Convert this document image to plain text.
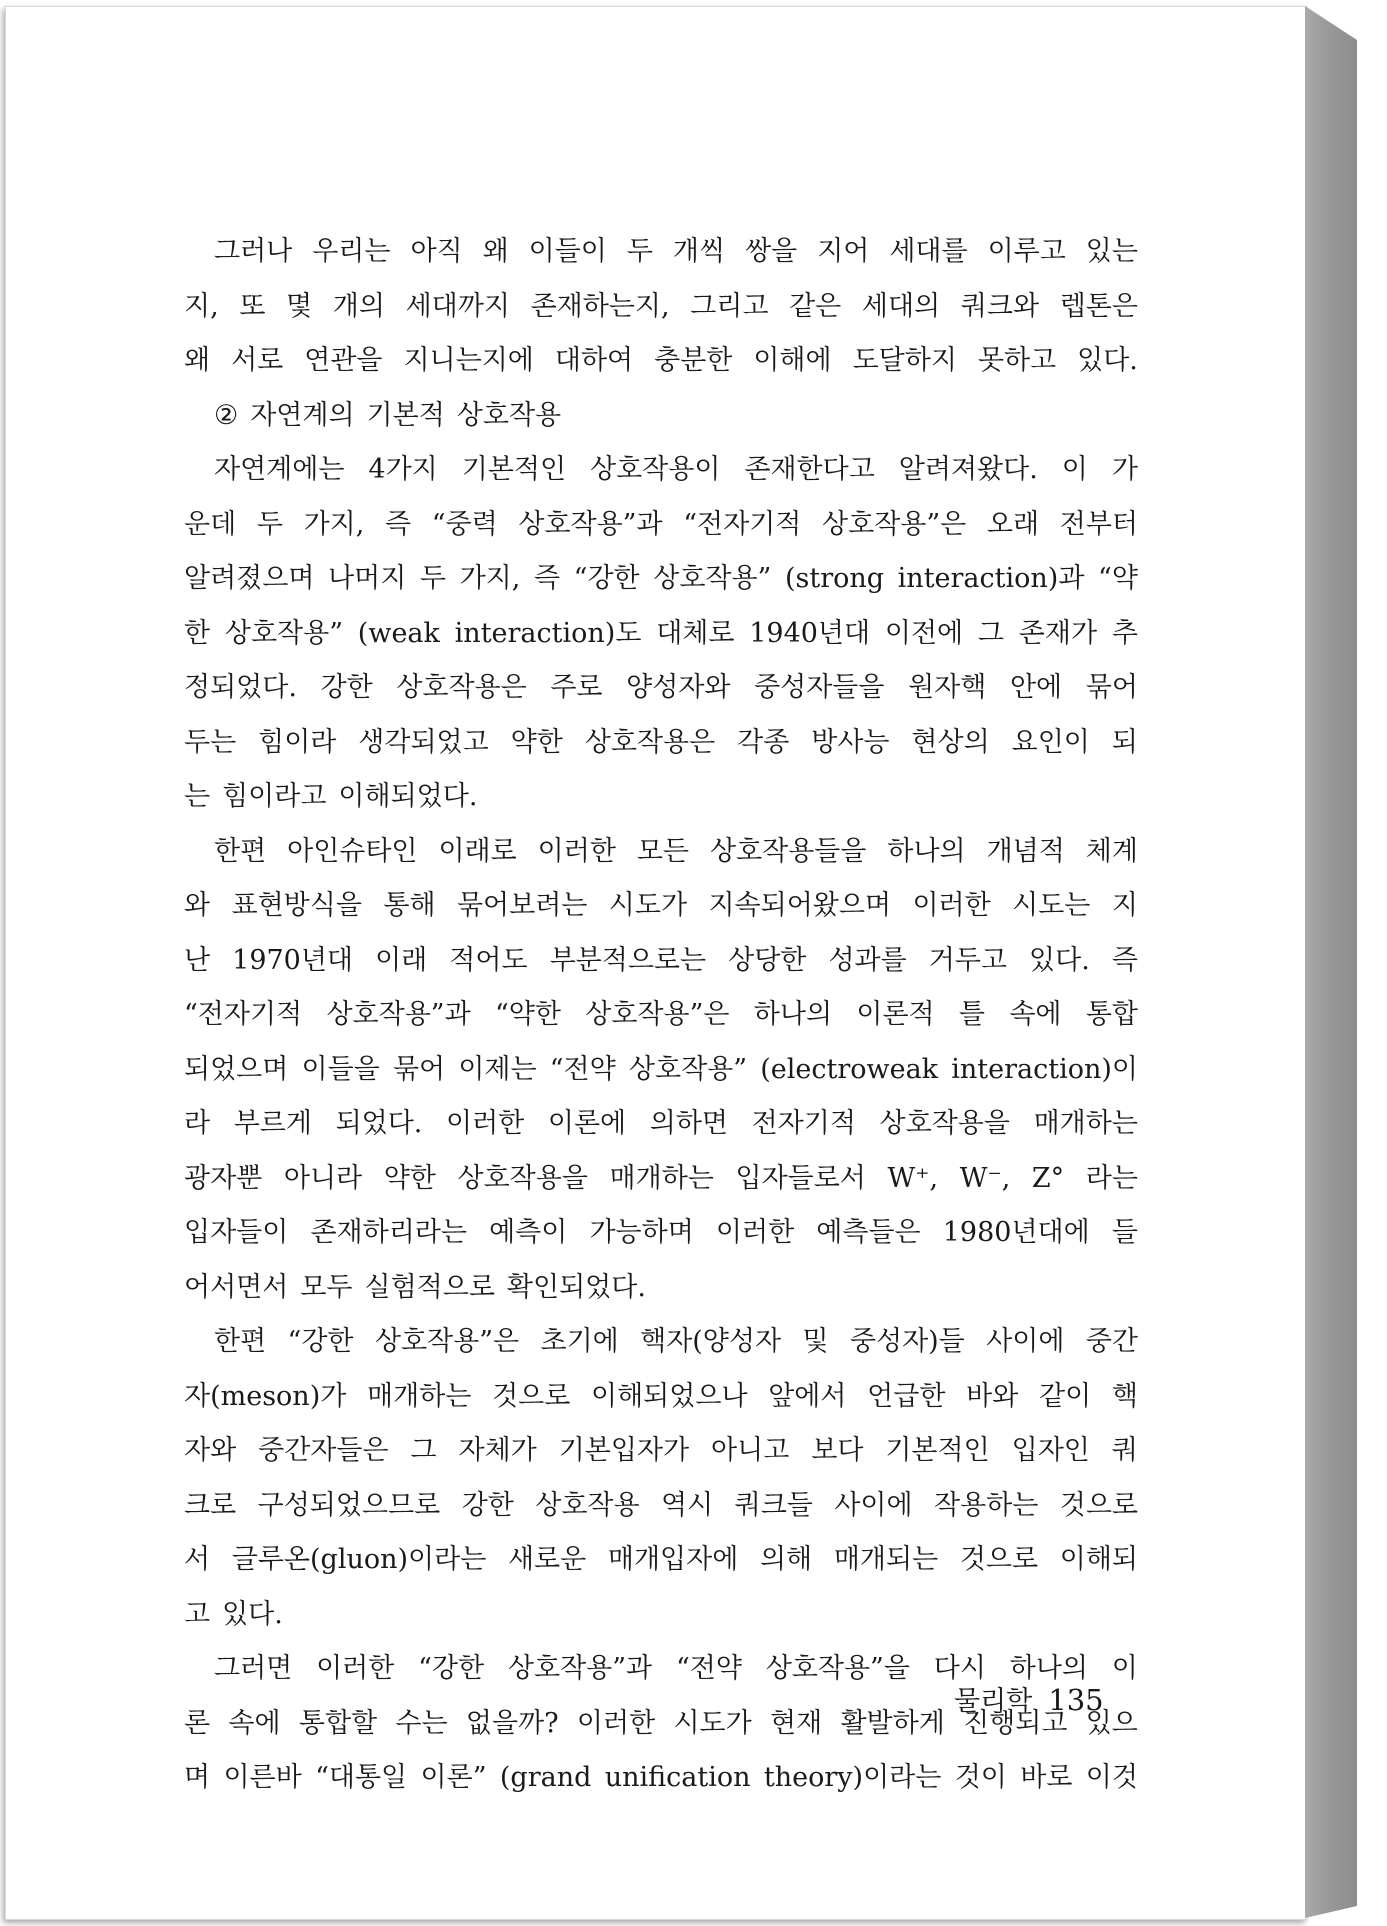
그러나 우리는 아직 왜 이들이 두 개씩 쌍을 지어 세대를 이루고 있는
지, 또 몇 개의 세대까지 존재하는지, 그리고 같은 세대의 쿼크와 렙톤은
왜 서로 연관을 지니는지에 대하여 충분한 이해에 도달하지 못하고 있다.
② 자연계의 기본적 상호작용
자연계에는 4가지 기본적인 상호작용이 존재한다고 알려져왔다. 이 가
운데 두 가지, 즉 “중력 상호작용”과 “전자기적 상호작용”은 오래 전부터
알려졌으며 나머지 두 가지, 즉 “강한 상호작용” (strong interaction)과 “약
한 상호작용” (weak interaction)도 대체로 1940년대 이전에 그 존재가 추
정되었다. 강한 상호작용은 주로 양성자와 중성자들을 원자핵 안에 묶어
두는 힘이라 생각되었고 약한 상호작용은 각종 방사능 현상의 요인이 되
는 힘이라고 이해되었다.
한편 아인슈타인 이래로 이러한 모든 상호작용들을 하나의 개념적 체계
와 표현방식을 통해 묶어보려는 시도가 지속되어왔으며 이러한 시도는 지
난 1970년대 이래 적어도 부분적으로는 상당한 성과를 거두고 있다. 즉
“전자기적 상호작용”과 “약한 상호작용”은 하나의 이론적 틀 속에 통합
되었으며 이들을 묶어 이제는 “전약 상호작용” (electroweak interaction)이
라 부르게 되었다. 이러한 이론에 의하면 전자기적 상호작용을 매개하는
광자뿐 아니라 약한 상호작용을 매개하는 입자들로서 W⁺, W⁻, Z° 라는
입자들이 존재하리라는 예측이 가능하며 이러한 예측들은 1980년대에 들
어서면서 모두 실험적으로 확인되었다.
한편 “강한 상호작용”은 초기에 핵자(양성자 및 중성자)들 사이에 중간
자(meson)가 매개하는 것으로 이해되었으나 앞에서 언급한 바와 같이 핵
자와 중간자들은 그 자체가 기본입자가 아니고 보다 기본적인 입자인 쿼
크로 구성되었으므로 강한 상호작용 역시 쿼크들 사이에 작용하는 것으로
서 글루온(gluon)이라는 새로운 매개입자에 의해 매개되는 것으로 이해되
고 있다.
그러면 이러한 “강한 상호작용”과 “전약 상호작용”을 다시 하나의 이
론 속에 통합할 수는 없을까? 이러한 시도가 현재 활발하게 진행되고 있으
며 이른바 “대통일 이론” (grand unification theory)이라는 것이 바로 이것
물리학 135
